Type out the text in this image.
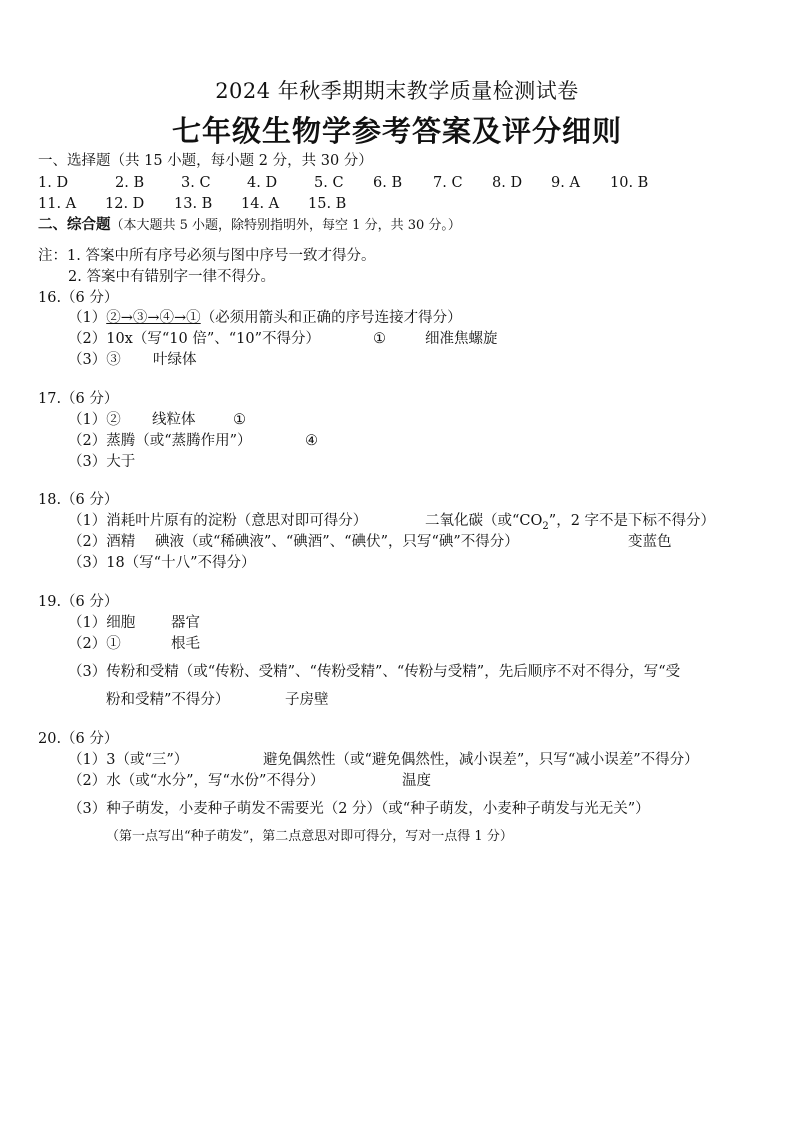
2024 年秋季期期末教学质量检测试卷
七年级生物学参考答案及评分细则
一、选择题（共 15 小题，每小题 2 分，共 30 分）
1. D	2. B	3. C	4. D	5. C 6. B 7. C 8. D 9. A 10. B
11. A 12. D 13. B 14. A 15. B
二、综合题（本大题共 5 小题，除特别指明外，每空 1 分，共 30 分。）
注：1. 答案中所有序号必须与图中序号一致才得分。
2. 答案中有错别字一律不得分。
16.（6 分）
（1）②→③→④→①（必须用箭头和正确的序号连接才得分）
（2）10x（写“10 倍”、“10”不得分）	①	细准焦螺旋
（3）③ 叶绿体
17.（6 分）
（1）② 线粒体	①
（2）蒸腾（或“蒸腾作用”）	④
（3）大于
18.（6 分）
（1）消耗叶片原有的淀粉（意思对即可得分）	二氧化碳（或“$CO_2$”，2 字不是下标不得分）
（2）酒精 碘液（或“稀碘液”、“碘酒”、“碘伏”，只写“碘”不得分）	变蓝色
（3）18（写“十八”不得分）
19.（6 分）
（1）细胞 器官
（2）①	根毛
（3）传粉和受精（或“传粉、受精”、“传粉受精”、“传粉与受精”，先后顺序不对不得分，写“受
粉和受精”不得分）	子房壁
20.（6 分）
（1）3（或“三”）	避免偶然性（或“避免偶然性，减小误差”，只写“减小误差”不得分）
（2）水（或“水分”，写“水份”不得分）	温度
（3）种子萌发，小麦种子萌发不需要光（2 分）（或“种子萌发，小麦种子萌发与光无关”）
（第一点写出“种子萌发”，第二点意思对即可得分，写对一点得 1 分）
